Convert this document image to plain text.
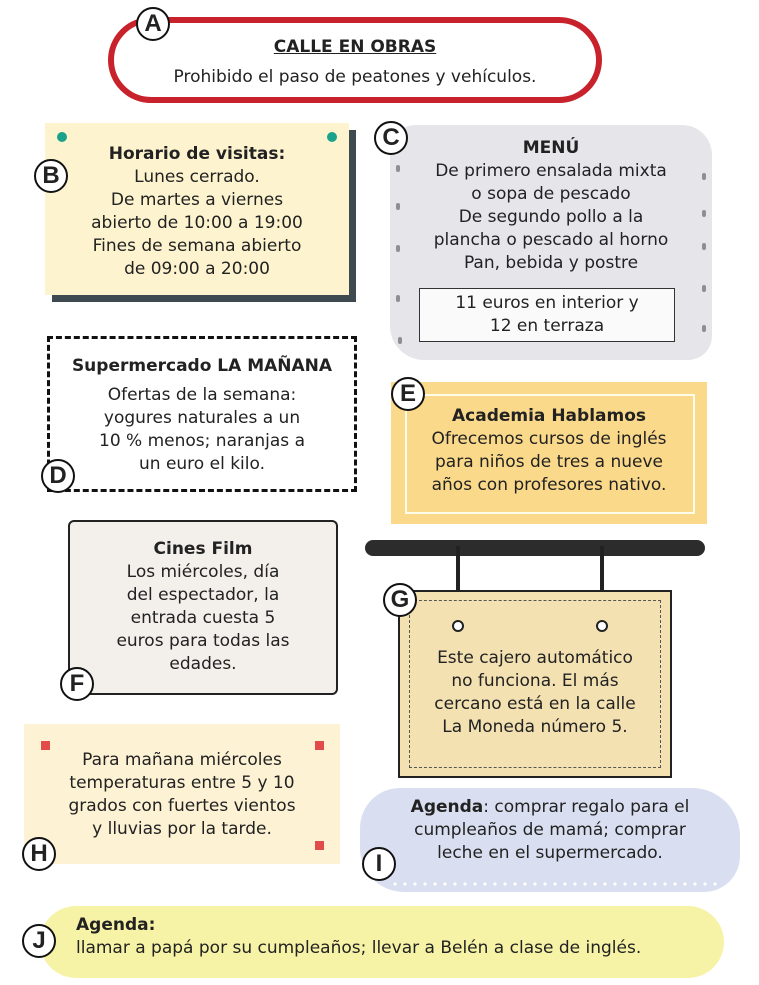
CALLE EN OBRAS
Prohibido el paso de peatones y vehículos.
A
Horario de visitas:
Lunes cerrado.
De martes a viernes
abierto de 10:00 a 19:00
Fines de semana abierto
de 09:00 a 20:00
B
MENÚ
De primero ensalada mixta
o sopa de pescado
De segundo pollo a la
plancha o pescado al horno
Pan, bebida y postre
11 euros en interior y
12 en terraza
C
Supermercado LA MAÑANA
Ofertas de la semana:
yogures naturales a un
10 % menos; naranjas a
un euro el kilo.
D
Academia Hablamos
Ofrecemos cursos de inglés
para niños de tres a nueve
años con profesores nativo.
E
Cines Film
Los miércoles, día
del espectador, la
entrada cuesta 5
euros para todas las
edades.
F
Este cajero automático
no funciona. El más
cercano está en la calle
La Moneda número 5.
G
Para mañana miércoles
temperaturas entre 5 y 10
grados con fuertes vientos
y lluvias por la tarde.
H
Agenda: comprar regalo para el
cumpleaños de mamá; comprar
leche en el supermercado.
I
Agenda:
llamar a papá por su cumpleaños; llevar a Belén a clase de inglés.
J
